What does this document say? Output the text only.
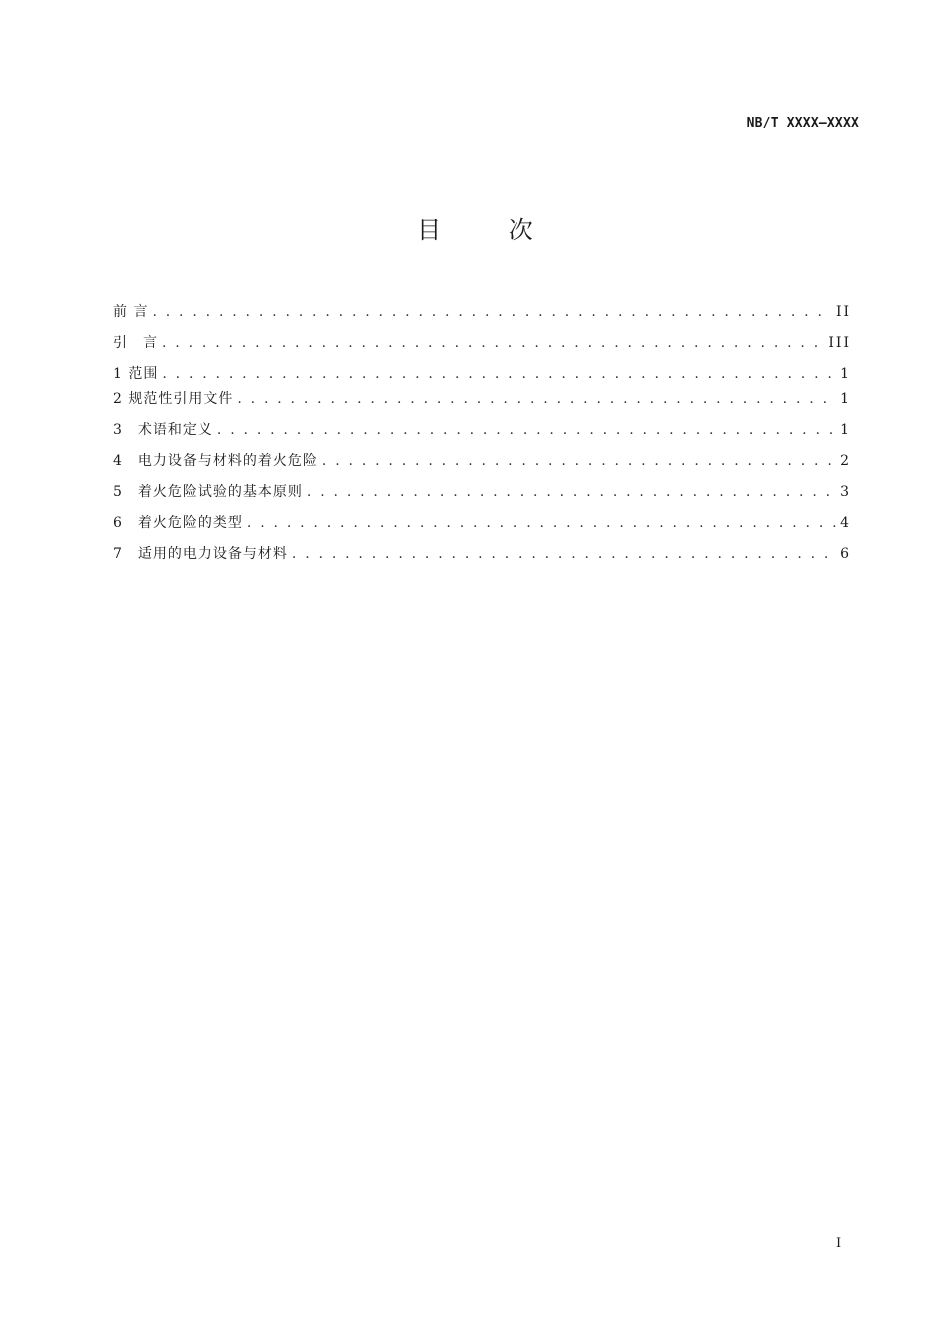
NB/T XXXX—XXXX
目 次
前 言 . . .	II
引　言 . . .	III
1 范围 . . .	1
2 规范性引用文件 . . .	1
3　术语和定义 . . .	1
4　电力设备与材料的着火危险 . . .	2
5　着火危险试验的基本原则 . . .	3
6　着火危险的类型 . . .	4
7　适用的电力设备与材料 . . .	6
I
